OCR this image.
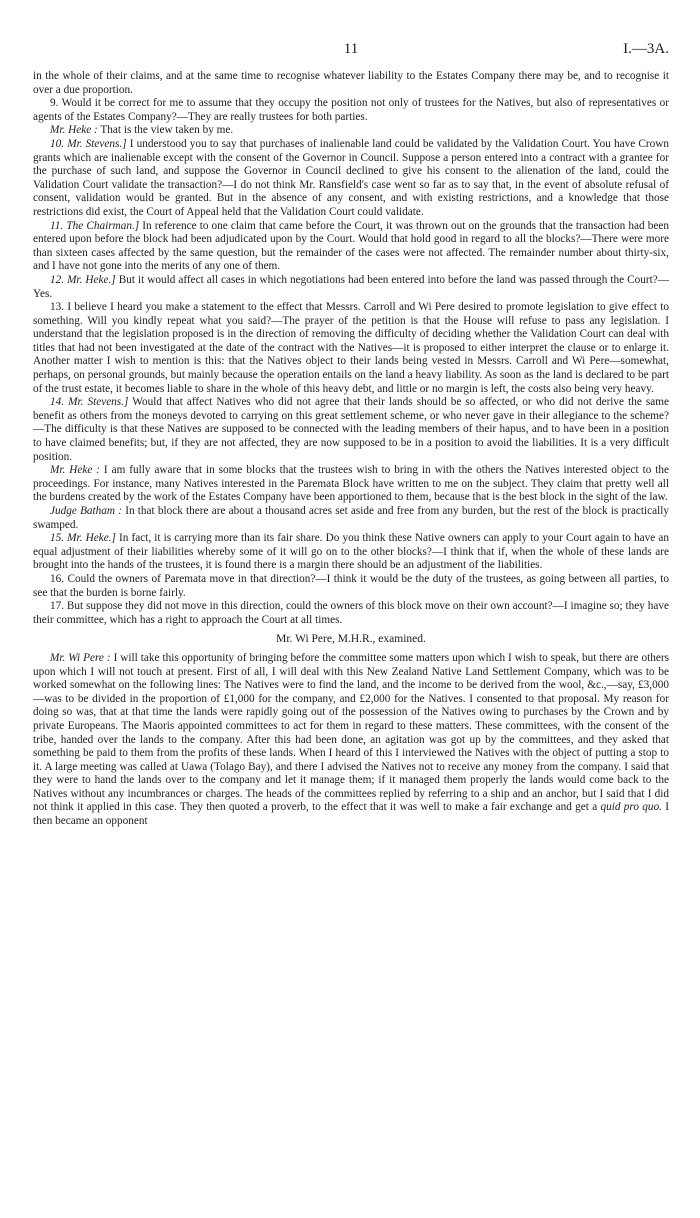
11	I.—3A.

in the whole of their claims, and at the same time to recognise whatever liability to the Estates Company there may be, and to recognise it over a due proportion.

9. Would it be correct for me to assume that they occupy the position not only of trustees for the Natives, but also of representatives or agents of the Estates Company?—They are really trustees for both parties.

Mr. Heke : That is the view taken by me.

10. Mr. Stevens.] I understood you to say that purchases of inalienable land could be validated by the Validation Court. You have Crown grants which are inalienable except with the consent of the Governor in Council. Suppose a person entered into a contract with a grantee for the purchase of such land, and suppose the Governor in Council declined to give his consent to the alienation of the land, could the Validation Court validate the transaction?—I do not think Mr. Ransfield's case went so far as to say that, in the event of absolute refusal of consent, validation would be granted. But in the absence of any consent, and with existing restrictions, and a knowledge that those restrictions did exist, the Court of Appeal held that the Validation Court could validate.

11. The Chairman.] In reference to one claim that came before the Court, it was thrown out on the grounds that the transaction had been entered upon before the block had been adjudicated upon by the Court. Would that hold good in regard to all the blocks?—There were more than sixteen cases affected by the same question, but the remainder of the cases were not affected. The remainder number about thirty-six, and I have not gone into the merits of any one of them.

12. Mr. Heke.] But it would affect all cases in which negotiations had been entered into before the land was passed through the Court?—Yes.

13. I believe I heard you make a statement to the effect that Messrs. Carroll and Wi Pere desired to promote legislation to give effect to something. Will you kindly repeat what you said?—The prayer of the petition is that the House will refuse to pass any legislation. I understand that the legislation proposed is in the direction of removing the difficulty of deciding whether the Validation Court can deal with titles that had not been investigated at the date of the contract with the Natives—it is proposed to either interpret the clause or to enlarge it. Another matter I wish to mention is this: that the Natives object to their lands being vested in Messrs. Carroll and Wi Pere—somewhat, perhaps, on personal grounds, but mainly because the operation entails on the land a heavy liability. As soon as the land is declared to be part of the trust estate, it becomes liable to share in the whole of this heavy debt, and little or no margin is left, the costs also being very heavy.

14. Mr. Stevens.] Would that affect Natives who did not agree that their lands should be so affected, or who did not derive the same benefit as others from the moneys devoted to carrying on this great settlement scheme, or who never gave in their allegiance to the scheme?—The difficulty is that these Natives are supposed to be connected with the leading members of their hapus, and to have been in a position to have claimed benefits; but, if they are not affected, they are now supposed to be in a position to avoid the liabilities. It is a very difficult position.

Mr. Heke : I am fully aware that in some blocks that the trustees wish to bring in with the others the Natives interested object to the proceedings. For instance, many Natives interested in the Paremata Block have written to me on the subject. They claim that pretty well all the burdens created by the work of the Estates Company have been apportioned to them, because that is the best block in the sight of the law.

Judge Batham : In that block there are about a thousand acres set aside and free from any burden, but the rest of the block is practically swamped.

15. Mr. Heke.] In fact, it is carrying more than its fair share. Do you think these Native owners can apply to your Court again to have an equal adjustment of their liabilities whereby some of it will go on to the other blocks?—I think that if, when the whole of these lands are brought into the hands of the trustees, it is found there is a margin there should be an adjustment of the liabilities.

16. Could the owners of Paremata move in that direction?—I think it would be the duty of the trustees, as going between all parties, to see that the burden is borne fairly.

17. But suppose they did not move in this direction, could the owners of this block move on their own account?—I imagine so; they have their committee, which has a right to approach the Court at all times.

Mr. Wi Pere, M.H.R., examined.

Mr. Wi Pere : I will take this opportunity of bringing before the committee some matters upon which I wish to speak, but there are others upon which I will not touch at present. First of all, I will deal with this New Zealand Native Land Settlement Company, which was to be worked somewhat on the following lines: The Natives were to find the land, and the income to be derived from the wool, &c.,—say, £3,000—was to be divided in the proportion of £1,000 for the company, and £2,000 for the Natives. I consented to that proposal. My reason for doing so was, that at that time the lands were rapidly going out of the possession of the Natives owing to purchases by the Crown and by private Europeans. The Maoris appointed committees to act for them in regard to these matters. These committees, with the consent of the tribe, handed over the lands to the company. After this had been done, an agitation was got up by the committees, and they asked that something be paid to them from the profits of these lands. When I heard of this I interviewed the Natives with the object of putting a stop to it. A large meeting was called at Uawa (Tolago Bay), and there I advised the Natives not to receive any money from the company. I said that they were to hand the lands over to the company and let it manage them; if it managed them properly the lands would come back to the Natives without any incumbrances or charges. The heads of the committees replied by referring to a ship and an anchor, but I said that I did not think it applied in this case. They then quoted a proverb, to the effect that it was well to make a fair exchange and get a quid pro quo. I then became an opponent
